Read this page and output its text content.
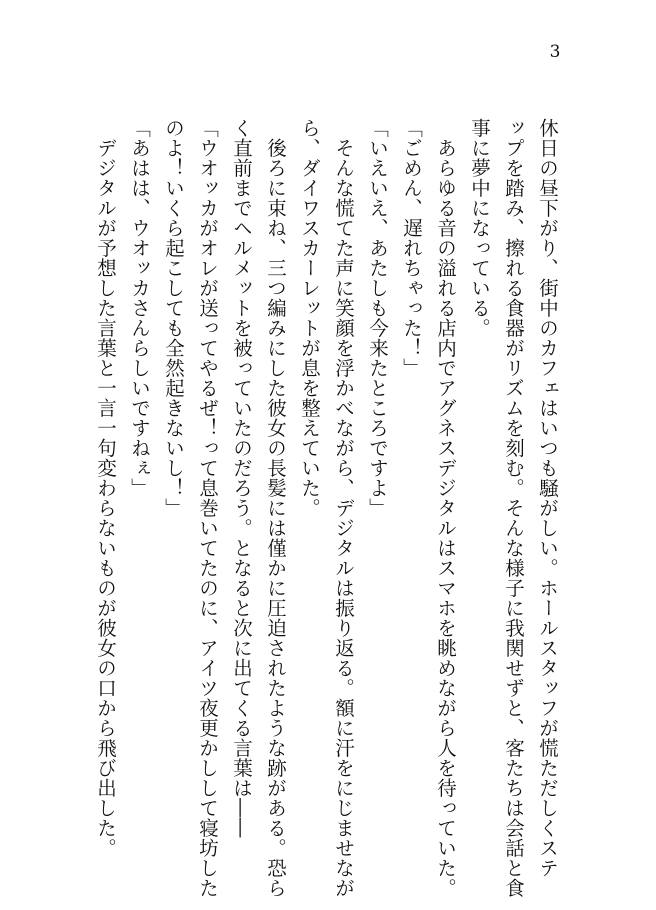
3

休日の昼下がり、街中のカフェはいつも騒がしい。ホールスタッフが慌ただしくステ

ップを踏み、擦れる食器がリズムを刻む。そんな様子に我関せずと、客たちは会話と食

事に夢中になっている。

　あらゆる音の溢れる店内でアグネスデジタルはスマホを眺めながら人を待っていた。

「ごめん、遅れちゃった！」

「いえいえ、あたしも今来たところですよ」

　そんな慌てた声に笑顔を浮かべながら、デジタルは振り返る。額に汗をにじませなが

ら、ダイワスカーレットが息を整えていた。

　後ろに束ね、三つ編みにした彼女の長髪には僅かに圧迫されたような跡がある。恐ら

く直前までヘルメットを被っていたのだろう。となると次に出てくる言葉は――

「ウオッカがオレが送ってやるぜ！って息巻いてたのに、アイツ夜更かしして寝坊した

のよ！いくら起こしても全然起きないし！」

「あはは、ウオッカさんらしいですねぇ」

　デジタルが予想した言葉と一言一句変わらないものが彼女の口から飛び出した。
